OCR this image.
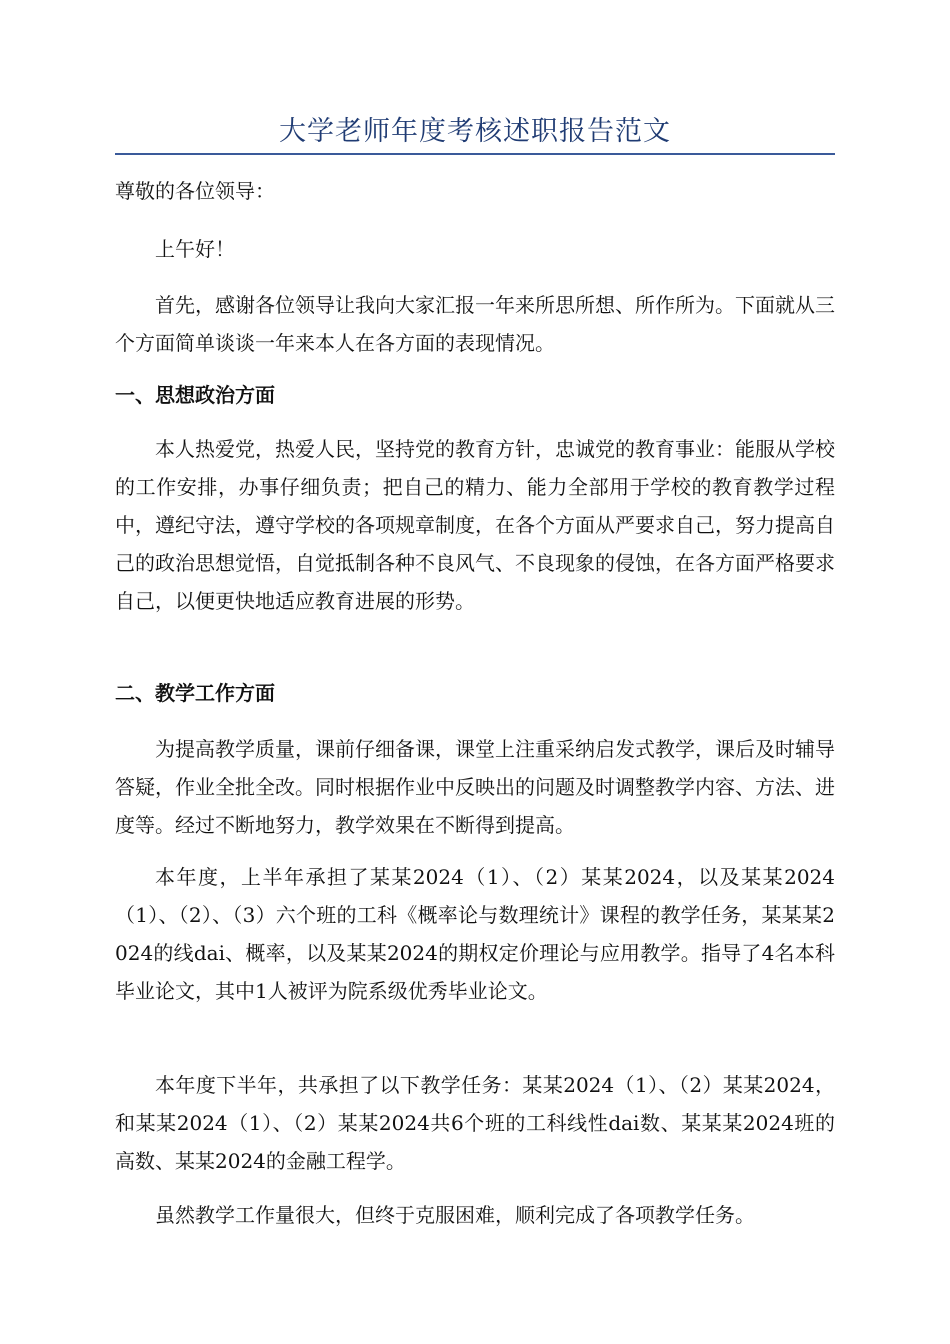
大学老师年度考核述职报告范文

尊敬的各位领导：

上午好！

首先，感谢各位领导让我向大家汇报一年来所思所想、所作所为。下面就从三个方面简单谈谈一年来本人在各方面的表现情况。

一、思想政治方面

本人热爱党，热爱人民，坚持党的教育方针，忠诚党的教育事业：能服从学校的工作安排，办事仔细负责；把自己的精力、能力全部用于学校的教育教学过程中，遵纪守法，遵守学校的各项规章制度，在各个方面从严要求自己，努力提高自己的政治思想觉悟，自觉抵制各种不良风气、不良现象的侵蚀，在各方面严格要求自己，以便更快地适应教育进展的形势。

二、教学工作方面

为提高教学质量，课前仔细备课，课堂上注重采纳启发式教学，课后及时辅导答疑，作业全批全改。同时根据作业中反映出的问题及时调整教学内容、方法、进度等。经过不断地努力，教学效果在不断得到提高。

本年度，上半年承担了某某2024（1）、（2）某某2024，以及某某2024（1）、（2）、（3）六个班的工科《概率论与数理统计》课程的教学任务，某某某2024的线dai、概率，以及某某2024的期权定价理论与应用教学。指导了4名本科毕业论文，其中1人被评为院系级优秀毕业论文。

本年度下半年，共承担了以下教学任务：某某2024（1）、（2）某某2024，和某某2024（1）、（2）某某2024共6个班的工科线性dai数、某某某2024班的高数、某某2024的金融工程学。

虽然教学工作量很大，但终于克服困难，顺利完成了各项教学任务。
